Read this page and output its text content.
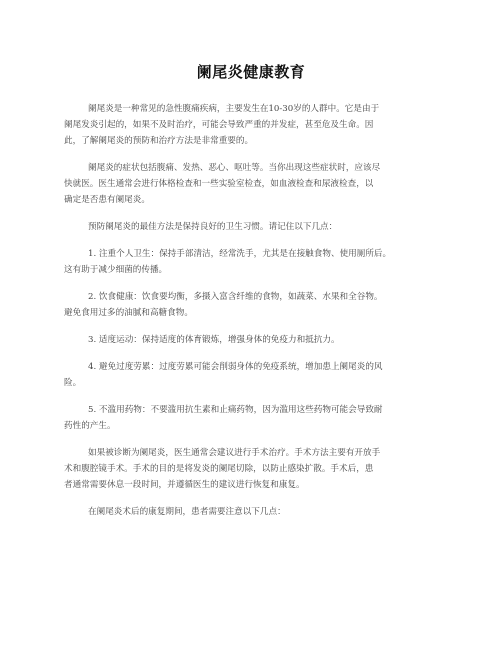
阑尾炎健康教育

阑尾炎是一种常见的急性腹痛疾病，主要发生在10-30岁的人群中。它是由于
阑尾发炎引起的，如果不及时治疗，可能会导致严重的并发症，甚至危及生命。因
此，了解阑尾炎的预防和治疗方法是非常重要的。

阑尾炎的症状包括腹痛、发热、恶心、呕吐等。当你出现这些症状时，应该尽
快就医。医生通常会进行体格检查和一些实验室检查，如血液检查和尿液检查，以
确定是否患有阑尾炎。

预防阑尾炎的最佳方法是保持良好的卫生习惯。请记住以下几点：

1. 注重个人卫生：保持手部清洁，经常洗手，尤其是在接触食物、使用厕所后。
这有助于减少细菌的传播。

2. 饮食健康：饮食要均衡，多摄入富含纤维的食物，如蔬菜、水果和全谷物。
避免食用过多的油腻和高糖食物。

3. 适度运动：保持适度的体育锻炼，增强身体的免疫力和抵抗力。

4. 避免过度劳累：过度劳累可能会削弱身体的免疫系统，增加患上阑尾炎的风
险。

5. 不滥用药物：不要滥用抗生素和止痛药物，因为滥用这些药物可能会导致耐
药性的产生。

如果被诊断为阑尾炎，医生通常会建议进行手术治疗。手术方法主要有开放手
术和腹腔镜手术。手术的目的是将发炎的阑尾切除，以防止感染扩散。手术后，患
者通常需要休息一段时间，并遵循医生的建议进行恢复和康复。

在阑尾炎术后的康复期间，患者需要注意以下几点：
